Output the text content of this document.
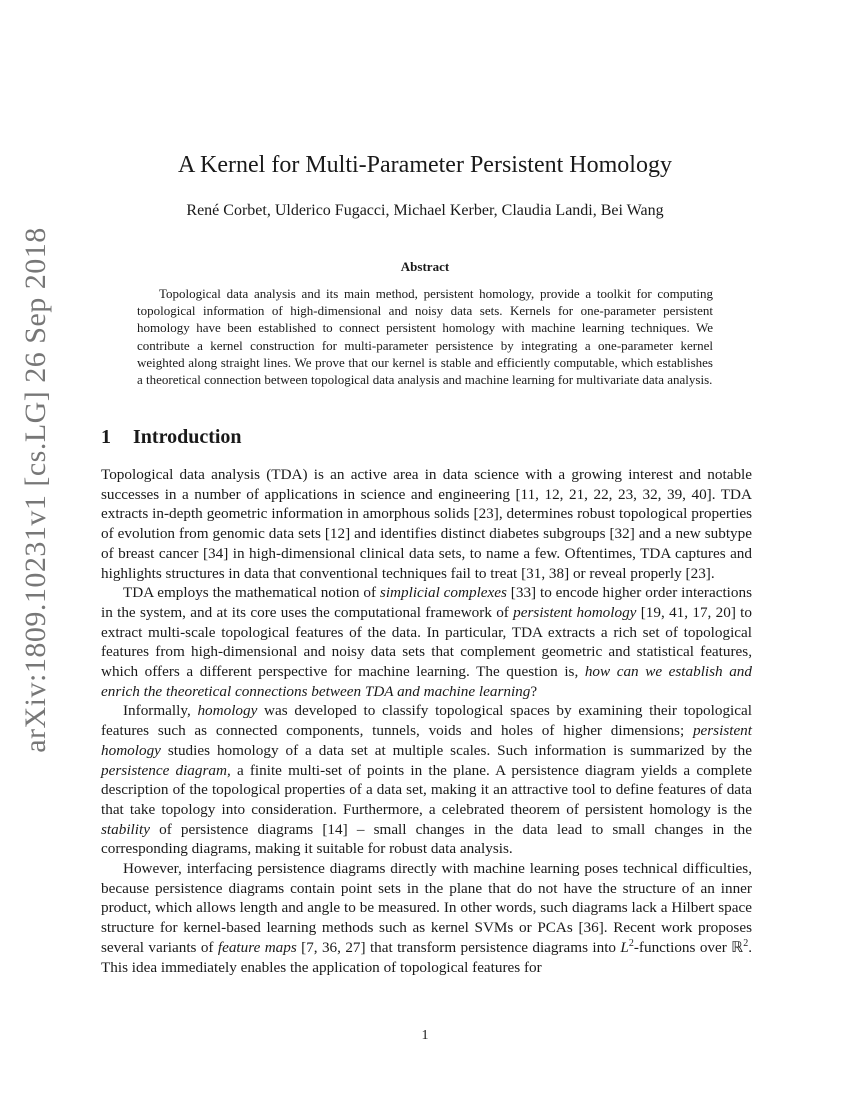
arXiv:1809.10231v1 [cs.LG] 26 Sep 2018
A Kernel for Multi-Parameter Persistent Homology
René Corbet, Ulderico Fugacci, Michael Kerber, Claudia Landi, Bei Wang
Abstract
Topological data analysis and its main method, persistent homology, provide a toolkit for computing topological information of high-dimensional and noisy data sets. Kernels for one-parameter persistent homology have been established to connect persistent homology with machine learning techniques. We contribute a kernel construction for multi-parameter persistence by integrating a one-parameter kernel weighted along straight lines. We prove that our kernel is stable and efficiently computable, which establishes a theoretical connection between topological data analysis and machine learning for multivariate data analysis.
1 Introduction

Topological data analysis (TDA) is an active area in data science with a growing interest and notable successes in a number of applications in science and engineering [11, 12, 21, 22, 23, 32, 39, 40]. TDA extracts in-depth geometric information in amorphous solids [23], determines robust topological properties of evolution from genomic data sets [12] and identifies distinct diabetes subgroups [32] and a new subtype of breast cancer [34] in high-dimensional clinical data sets, to name a few. Oftentimes, TDA captures and highlights structures in data that conventional techniques fail to treat [31, 38] or reveal properly [23].

TDA employs the mathematical notion of simplicial complexes [33] to encode higher order interactions in the system, and at its core uses the computational framework of persistent homology [19, 41, 17, 20] to extract multi-scale topological features of the data. In particular, TDA extracts a rich set of topological features from high-dimensional and noisy data sets that complement geometric and statistical features, which offers a different perspective for machine learning. The question is, how can we establish and enrich the theoretical connections between TDA and machine learning?

Informally, homology was developed to classify topological spaces by examining their topological features such as connected components, tunnels, voids and holes of higher dimensions; persistent homology studies homology of a data set at multiple scales. Such information is summarized by the persistence diagram, a finite multi-set of points in the plane. A persistence diagram yields a complete description of the topological properties of a data set, making it an attractive tool to define features of data that take topology into consideration. Furthermore, a celebrated theorem of persistent homology is the stability of persistence diagrams [14] – small changes in the data lead to small changes in the corresponding diagrams, making it suitable for robust data analysis.

However, interfacing persistence diagrams directly with machine learning poses technical difficulties, because persistence diagrams contain point sets in the plane that do not have the structure of an inner product, which allows length and angle to be measured. In other words, such diagrams lack a Hilbert space structure for kernel-based learning methods such as kernel SVMs or PCAs [36]. Recent work proposes several variants of feature maps [7, 36, 27] that transform persistence diagrams into $L^2$-functions over ℝ$^2$. This idea immediately enables the application of topological features for

1
